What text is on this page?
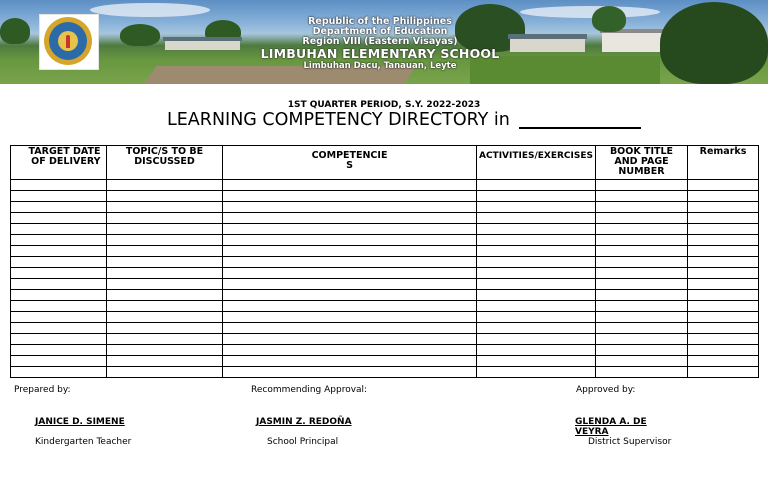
Republic of the Philippines
Department of Education
Region VIII (Eastern Visayas)
LIMBUHAN ELEMENTARY SCHOOL
Limbuhan Dacu, Tanauan, Leyte
1ST QUARTER PERIOD, S.Y. 2022-2023
LEARNING COMPETENCY DIRECTORY in
TARGET DATE OF DELIVERY	TOPIC/S TO BE DISCUSSED	COMPETENCIE S	ACTIVITIES/EXERCISES	BOOK TITLE AND PAGE NUMBER	Remarks

Prepared by:	Recommending Approval:	Approved by:
JANICE D. SIMENE	JASMIN Z. REDOÑA	GLENDA A. DE VEYRA
Kindergarten Teacher	School Principal	District Supervisor
